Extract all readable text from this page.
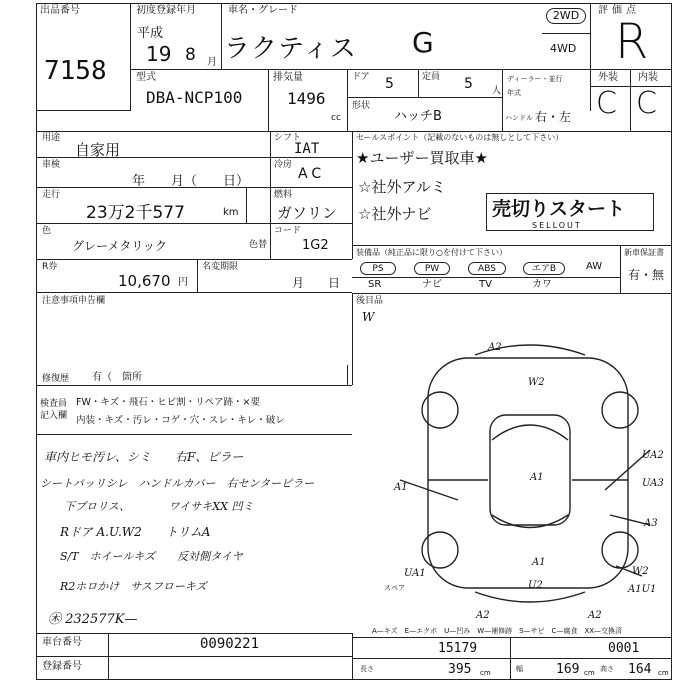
出品番号
7158
初度登録年月
平成
19 8 月
車名・グレード
ラクティス G
2WD
4WD
評価点
R
型式
DBA-NCP100
排気量
1496
cc
ドア 5	定員 5 人
ディーラー・並行
年式
形状
ハッチB	ハンドル 右・左
外装 内装
C C
用途
自家用
シフト
IAT
車検
年　　月（　　日）
冷房
AC
走行
23万2千577	km
燃料
ガソリン
色
グレーメタリック	色替
コード
1G2
R券
10,670 円
名変期限
月　　日
セールスポイント（記載のないものは無しとして下さい）
★ユーザー買取車★
☆社外アルミ
☆社外ナビ	売切りスタート
SELLOUT
装備品（純正品に限り○を付けて下さい）	新車保証書
有・無
PS	PW	ABS	エアB	AW
SR	ナビ	TV	カワ
後目品
W
注意事項申告欄
修復歴 有（　箇所
検査員記入欄
FW・キズ・飛石・ヒビ割・リペア跡・×要
内装・キズ・汚レ・コゲ・穴・スレ・キレ・破レ
車内ヒモ汚レ、シミ　　右F、ピラー
シートパッリシレ　ハンドルカバー　右センターピラー
下プロリス、　　　　ワイサキXX 凹ミ
Rドア A.U.W2　　トリムA
S/T　ホイールキズ　　反対側タイヤ
R2ホロかけ　サスフローキズ
㊍ 232577K—
A2
W2
A1
A1
A1
U2
A2	A2
UA2
UA3
A3
W2
A1U1
UA1
スペア
車台番号	0090221
登録番号
A—キズ　E—エクボ　U—凹み　W—補修跡　S—サビ　C—腐食　XX—交換済
15179	0001
長さ	395 cm	幅	169 cm 高さ 164 cm
